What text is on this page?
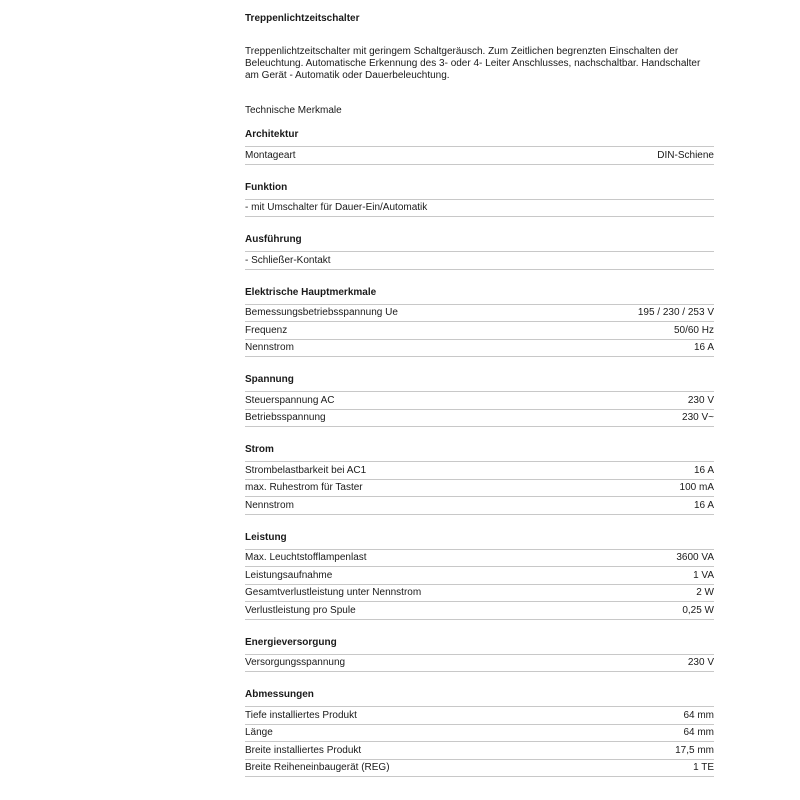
Treppenlichtzeitschalter
Treppenlichtzeitschalter mit geringem Schaltgeräusch. Zum Zeitlichen begrenzten Einschalten der Beleuchtung. Automatische Erkennung des 3- oder 4- Leiter Anschlusses, nachschaltbar. Handschalter am Gerät - Automatik oder Dauerbeleuchtung.
Technische Merkmale
Architektur
Montageart	DIN-Schiene
Funktion
- mit Umschalter für Dauer-Ein/Automatik
Ausführung
- Schließer-Kontakt
Elektrische Hauptmerkmale
Bemessungsbetriebsspannung Ue	195 / 230 / 253 V
Frequenz	50/60 Hz
Nennstrom	16 A
Spannung
Steuerspannung AC	230 V
Betriebsspannung	230 V~
Strom
Strombelastbarkeit bei AC1	16 A
max. Ruhestrom für Taster	100 mA
Nennstrom	16 A
Leistung
Max. Leuchtstofflampenlast	3600 VA
Leistungsaufnahme	1 VA
Gesamtverlustleistung unter Nennstrom	2 W
Verlustleistung pro Spule	0,25 W
Energieversorgung
Versorgungsspannung	230 V
Abmessungen
Tiefe installiertes Produkt	64 mm
Länge	64 mm
Breite installiertes Produkt	17,5 mm
Breite Reiheneinbaugerät (REG)	1 TE
